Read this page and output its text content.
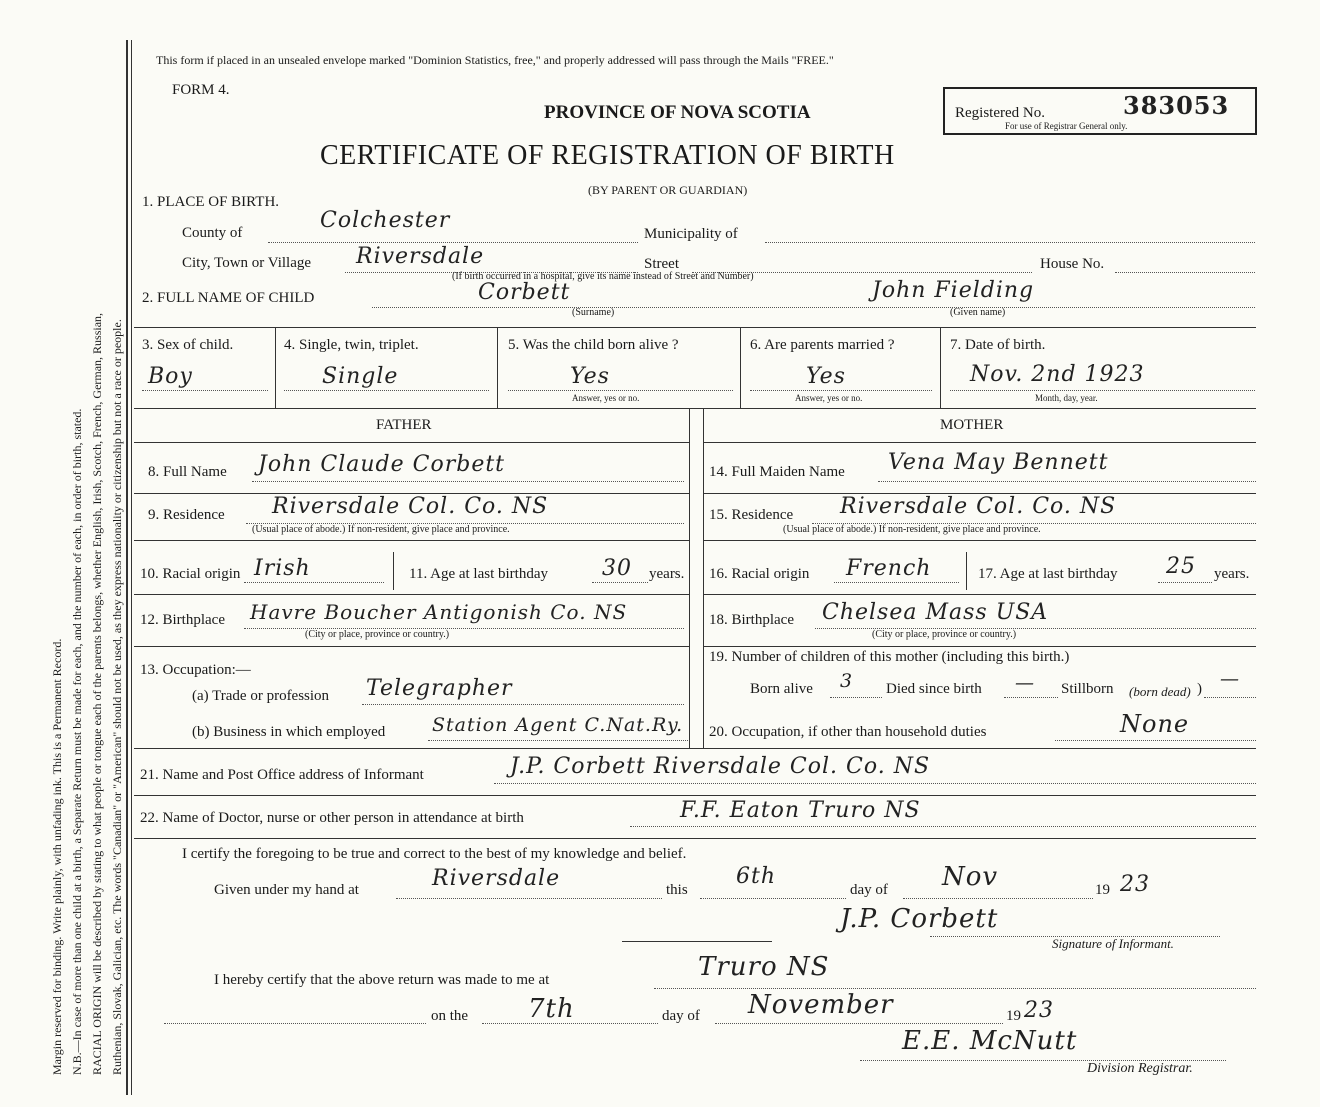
Margin reserved for binding. Write plainly, with unfading ink. This is a Permanent Record. N.B.—In case of more than one child at a birth, a Separate Return must be made for each, and the number of each, in order of birth, stated. RACIAL ORIGIN will be described by stating to what people or tongue each of the parents belongs, whether English, Irish, Scotch, French, German, Russian, Ruthenian, Slovak, Galician, etc. The words "Canadian" or "American" should not be used, as they express nationality or citizenship but not a race or people.
This form if placed in an unsealed envelope marked "Dominion Statistics, free," and properly addressed will pass through the Mails "FREE."
FORM 4.
PROVINCE OF NOVA SCOTIA
CERTIFICATE OF REGISTRATION OF BIRTH
(BY PARENT OR GUARDIAN)
Registered No.	383053
For use of Registrar General only.
1. PLACE OF BIRTH.
County of	Colchester
Municipality of
City, Town or Village Riversdale	Street	House No.
(If birth occurred in a hospital, give its name instead of Street and Number)
2. FULL NAME OF CHILD	Corbett
(Surname)
John Fielding
(Given name)
3. Sex of child.
Boy
4. Single, twin, triplet.
Single
5. Was the child born alive ?
Yes
Answer, yes or no.
6. Are parents married ?
Yes
Answer, yes or no.
7. Date of birth.
Nov. 2nd 1923
Month, day, year.
FATHER	MOTHER
8. Full Name John Claude Corbett
9. Residence Riversdale Col. Co. NS
(Usual place of abode.) If non-resident, give place and province.
10. Racial origin Irish	11. Age at last birthday 30 years.
12. Birthplace Havre Boucher Antigonish Co. NS
(City or place, province or country.)
13. Occupation:—
(a) Trade or profession Telegrapher
(b) Business in which employed Station Agent C.Nat.Ry.
14. Full Maiden Name Vena May Bennett
15. Residence Riversdale Col. Co. NS
(Usual place of abode.) If non-resident, give place and province.
16. Racial origin French	17. Age at last birthday 25 years.
18. Birthplace Chelsea Mass USA
(City or place, province or country.)
19. Number of children of this mother (including this birth.)
Born alive 3 Died since birth — Stillborn (born dead) ) —
20. Occupation, if other than household duties	None
21. Name and Post Office address of Informant	J.P. Corbett Riversdale Col. Co. NS
22. Name of Doctor, nurse or other person in attendance at birth	F.F. Eaton Truro NS
I certify the foregoing to be true and correct to the best of my knowledge and belief.
Given under my hand at	Riversdale	this
6th
day of Nov	19 23
J.P. Corbett
Signature of Informant.
I hereby certify that the above return was made to me at	Truro NS
on the 7th	day of November	19 23
E.E. McNutt
Division Registrar.
